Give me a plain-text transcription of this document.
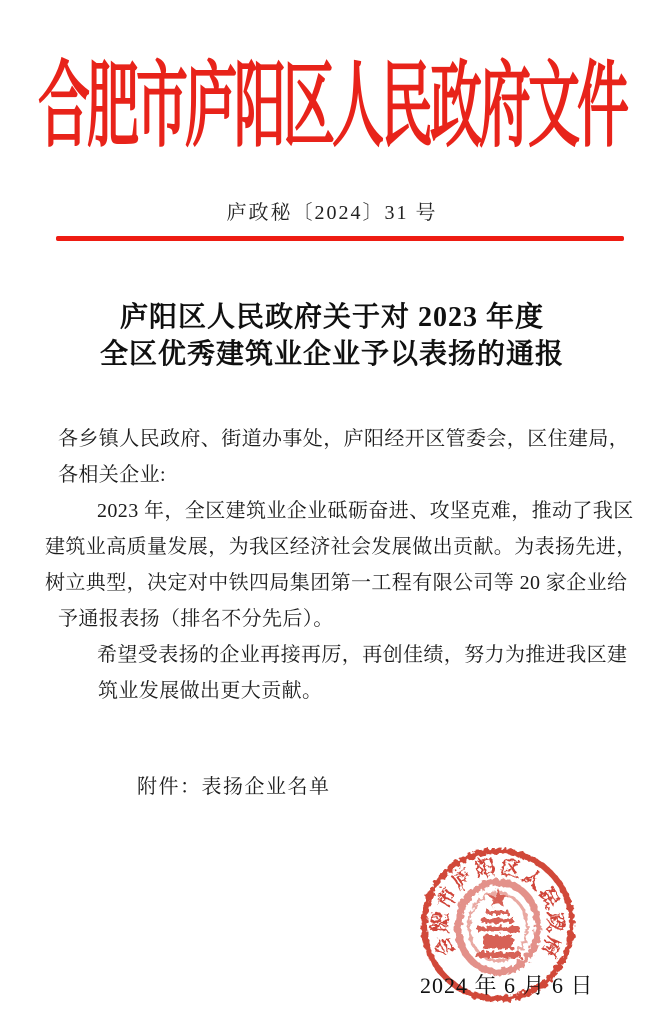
合肥市庐阳区人民政府文件
庐政秘〔2024〕31 号
庐阳区人民政府关于对 2023 年度
全区优秀建筑业企业予以表扬的通报
各乡镇人民政府、街道办事处，庐阳经开区管委会，区住建局，
各相关企业:
2023 年，全区建筑业企业砥砺奋进、攻坚克难，推动了我区
建筑业高质量发展，为我区经济社会发展做出贡献。为表扬先进，
树立典型，决定对中铁四局集团第一工程有限公司等 20 家企业给
予通报表扬（排名不分先后）。
希望受表扬的企业再接再厉，再创佳绩，努力为推进我区建
筑业发展做出更大贡献。
附件：表扬企业名单
合
肥
市
庐
阳 区
人
民
政
府
2024 年 6 月 6 日
